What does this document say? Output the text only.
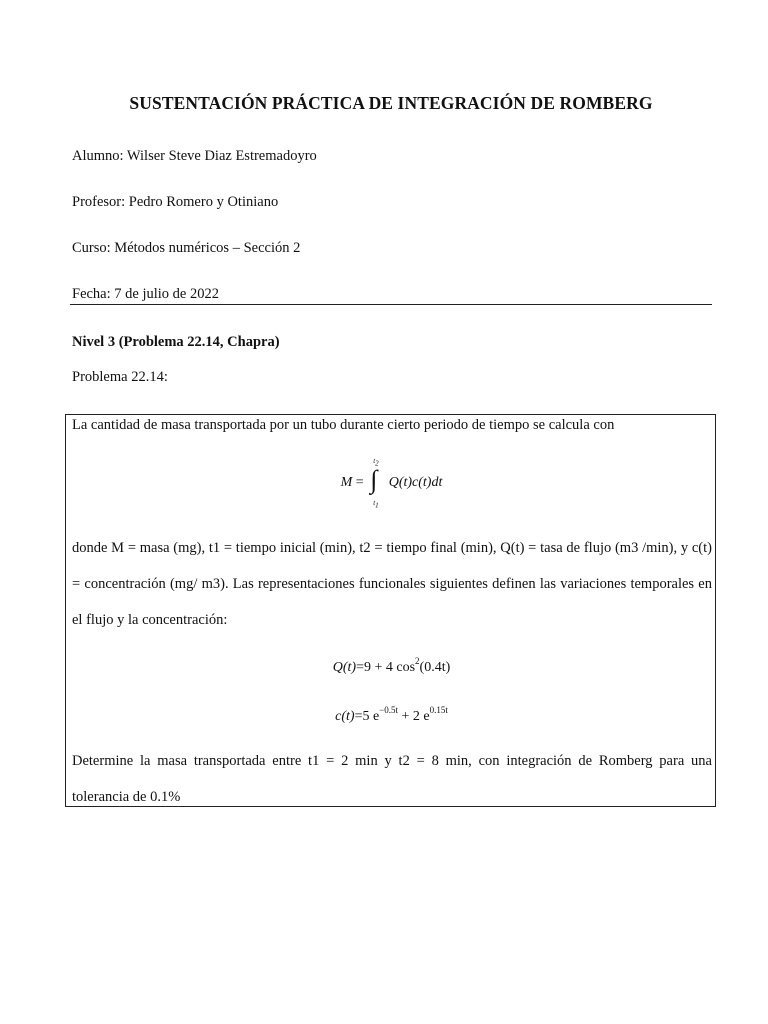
SUSTENTACIÓN PRÁCTICA DE INTEGRACIÓN DE ROMBERG
Alumno: Wilser Steve Diaz Estremadoyro
Profesor: Pedro Romero y Otiniano
Curso: Métodos numéricos – Sección 2
Fecha: 7 de julio de 2022
Nivel 3 (Problema 22.14, Chapra)
Problema 22.14:

La cantidad de masa transportada por un tubo durante cierto periodo de tiempo se calcula con

M = ∫
$t_2$
$t_1$
Q(t)c(t)dt

donde M = masa (mg), t1 = tiempo inicial (min), t2 = tiempo final (min), Q(t) = tasa de flujo (m3 /min), y c(t) = concentración (mg/ m3). Las representaciones funcionales siguientes definen las variaciones temporales en el flujo y la concentración:

Q(t)=9 + 4 $\cos^2(0.4t)$
c(t)=5 $e^{-0.5t} + 2$ $e^{0.15t}$

Determine la masa transportada entre t1 = 2 min y t2 = 8 min, con integración de Romberg para una tolerancia de 0.1%
